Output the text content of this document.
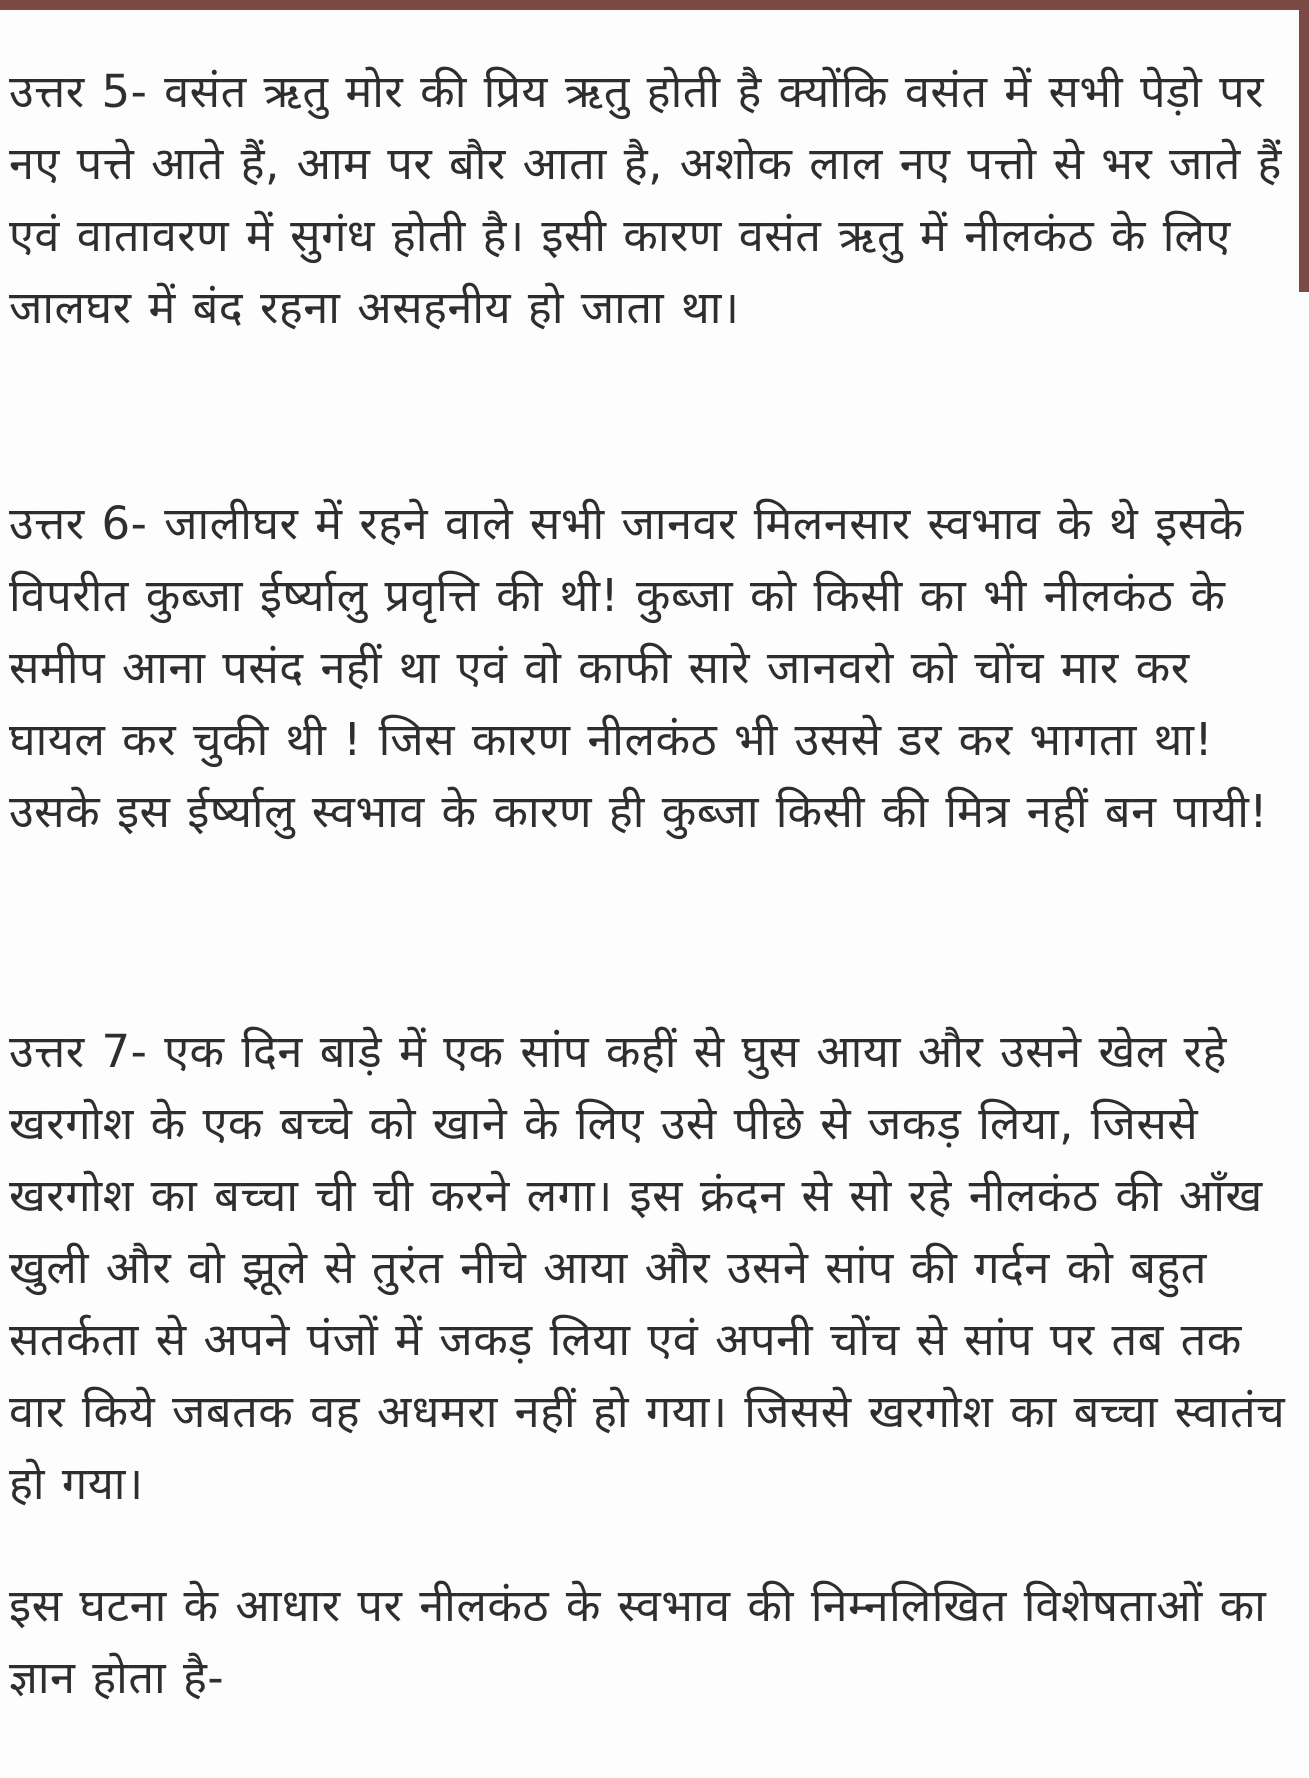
उत्तर 5- वसंत ऋतु मोर की प्रिय ऋतु होती है क्योंकि वसंत में सभी पेड़ो पर नए पत्ते आते हैं, आम पर बौर आता है, अशोक लाल नए पत्तो से भर जाते हैं एवं वातावरण में सुगंध होती है। इसी कारण वसंत ऋतु में नीलकंठ के लिए जालघर में बंद रहना असहनीय हो जाता था।

उत्तर 6- जालीघर में रहने वाले सभी जानवर मिलनसार स्वभाव के थे इसके विपरीत कुब्जा ईर्ष्यालु प्रवृत्ति की थी! कुब्जा को किसी का भी नीलकंठ के समीप आना पसंद नहीं था एवं वो काफी सारे जानवरो को चोंच मार कर घायल कर चुकी थी ! जिस कारण नीलकंठ भी उससे डर कर भागता था! उसके इस ईर्ष्यालु स्वभाव के कारण ही कुब्जा किसी की मित्र नहीं बन पायी!

उत्तर 7- एक दिन बाड़े में एक सांप कहीं से घुस आया और उसने खेल रहे खरगोश के एक बच्चे को खाने के लिए उसे पीछे से जकड़ लिया, जिससे खरगोश का बच्चा ची ची करने लगा। इस क्रंदन से सो रहे नीलकंठ की आँख खुली और वो झूले से तुरंत नीचे आया और उसने सांप की गर्दन को बहुत सतर्कता से अपने पंजों में जकड़ लिया एवं अपनी चोंच से सांप पर तब तक वार किये जबतक वह अधमरा नहीं हो गया। जिससे खरगोश का बच्चा स्वातंच हो गया।

इस घटना के आधार पर नीलकंठ के स्वभाव की निम्नलिखित विशेषताओं का ज्ञान होता है-
